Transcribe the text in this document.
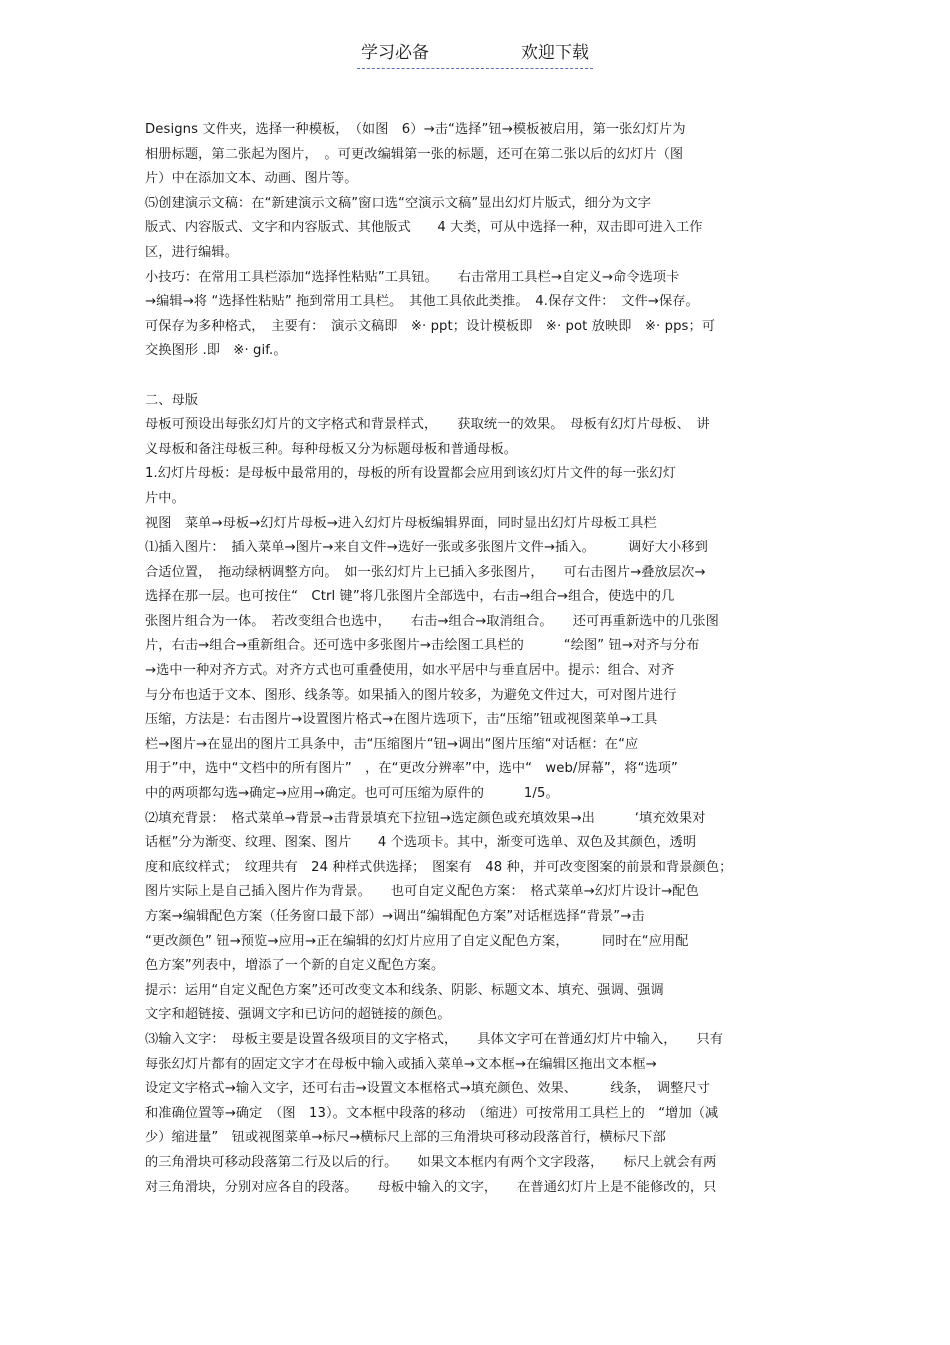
学习必备	欢迎下载
Designs 文件夹，选择一种模板，　（如图　6）→击“选择”钮→模板被启用，第一张幻灯片为
相册标题，第二张起为图片，　。可更改编辑第一张的标题，还可在第二张以后的幻灯片（图
片）中在添加文本、动画、图片等。
⑸创建演示文稿：在“新建演示文稿”窗口选“空演示文稿”显出幻灯片版式，细分为文字
版式、内容版式、文字和内容版式、其他版式　　4 大类，可从中选择一种，双击即可进入工作
区，进行编辑。
小技巧：在常用工具栏添加“选择性粘贴”工具钮。　　右击常用工具栏→自定义→命令选项卡
→编辑→将 “选择性粘贴” 拖到常用工具栏。　其他工具依此类推。　4.保存文件：　文件→保存。
可保存为多种格式，　主要有：　演示文稿即　※· ppt；设计模板即　※· pot 放映即　※· pps；可
交换图形 .即　※· gif.。
二、母版
母板可预设出每张幻灯片的文字格式和背景样式，　　获取统一的效果。　母板有幻灯片母板、　讲
义母板和备注母板三种。每种母板又分为标题母板和普通母板。
1.幻灯片母板：是母板中最常用的，母板的所有设置都会应用到该幻灯片文件的每一张幻灯
片中。
视图　菜单→母板→幻灯片母板→进入幻灯片母板编辑界面，同时显出幻灯片母板工具栏
⑴插入图片：　插入菜单→图片→来自文件→选好一张或多张图片文件→插入。　　　调好大小移到
合适位置，　拖动绿柄调整方向。　如一张幻灯片上已插入多张图片，　　可右击图片→叠放层次→
选择在那一层。也可按住“　Ctrl 键”将几张图片全部选中，右击→组合→组合，使选中的几
张图片组合为一体。　若改变组合也选中，　　右击→组合→取消组合。　　还可再重新选中的几张图
片，右击→组合→重新组合。还可选中多张图片→击绘图工具栏的　　　“绘图” 钮→对齐与分布
→选中一种对齐方式。对齐方式也可重叠使用，如水平居中与垂直居中。提示：组合、对齐
与分布也适于文本、图形、线条等。如果插入的图片较多，为避免文件过大，可对图片进行
压缩，方法是：右击图片→设置图片格式→在图片选项下，击“压缩”钮或视图菜单→工具
栏→图片→在显出的图片工具条中，击“压缩图片“钮→调出“图片压缩“对话框：在“应
用于”中，选中“文档中的所有图片”　，在“更改分辨率”中，选中“　web/屏幕”，将“选项”
中的两项都勾选→确定→应用→确定。也可可压缩为原件的　　　1/5。
⑵填充背景：　格式菜单→背景→击背景填充下拉钮→选定颜色或充填效果→出　　　‘填充效果对
话框”分为渐变、纹理、图案、图片　　4 个选项卡。其中，渐变可选单、双色及其颜色，透明
度和底纹样式；　纹理共有　24 种样式供选择；　图案有　48 种，并可改变图案的前景和背景颜色；
图片实际上是自己插入图片作为背景。　　也可自定义配色方案：　格式菜单→幻灯片设计→配色
方案→编辑配色方案（任务窗口最下部）→调出“编辑配色方案”对话框选择“背景”→击
“更改颜色” 钮→预览→应用→正在编辑的幻灯片应用了自定义配色方案，　　　同时在“应用配
色方案”列表中，增添了一个新的自定义配色方案。
提示：运用“自定义配色方案”还可改变文本和线条、阴影、标题文本、填充、强调、强调
文字和超链接、强调文字和已访问的超链接的颜色。
⑶输入文字：　母板主要是设置各级项目的文字格式，　　具体文字可在普通幻灯片中输入，　　只有
每张幻灯片都有的固定文字才在母板中输入或插入菜单→文本框→在编辑区拖出文本框→
设定文字格式→输入文字，还可右击→设置文本框格式→填充颜色、效果、　　　线条，　调整尺寸
和准确位置等→确定　（图　13）。文本框中段落的移动　（缩进）可按常用工具栏上的　“增加（减
少）缩进量”　钮或视图菜单→标尺→横标尺上部的三角滑块可移动段落首行，横标尺下部
的三角滑块可移动段落第二行及以后的行。　　如果文本框内有两个文字段落，　　标尺上就会有两
对三角滑块，分别对应各自的段落。　　母板中输入的文字，　　在普通幻灯片上是不能修改的，只
